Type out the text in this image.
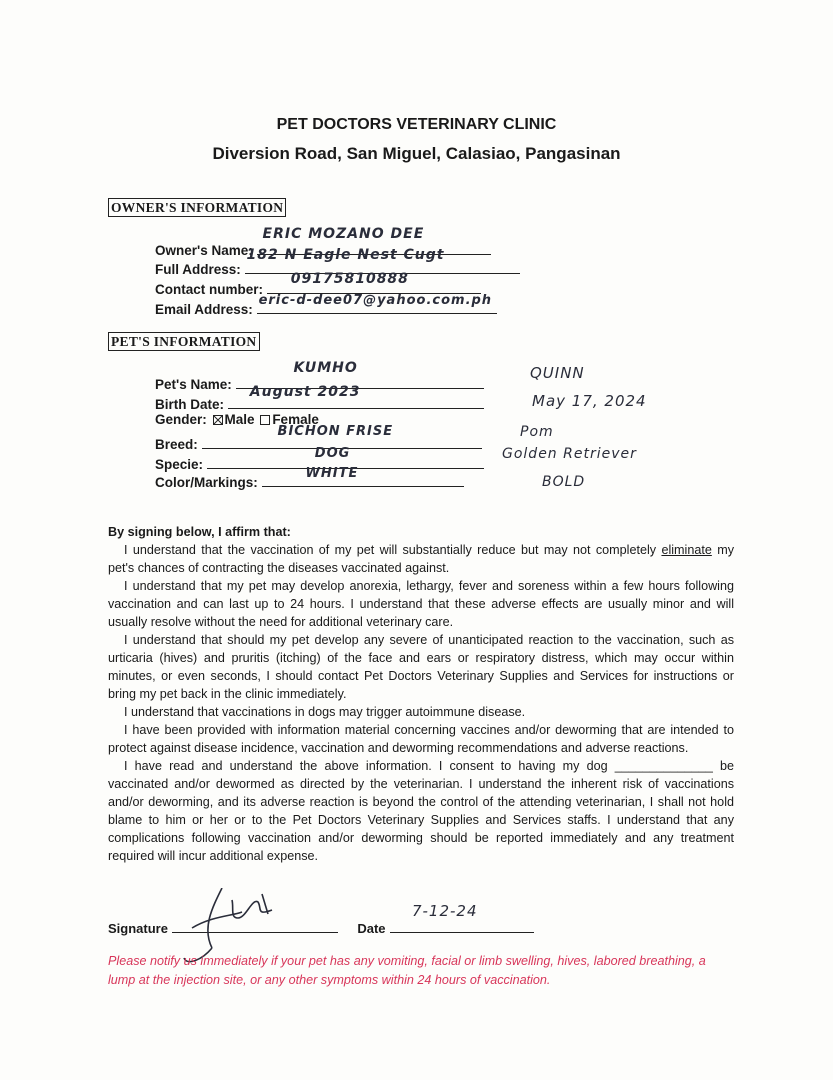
PET DOCTORS VETERINARY CLINIC
Diversion Road, San Miguel, Calasiao, Pangasinan
OWNER'S INFORMATION
Owner's Name:
ERIC MOZANO DEE
Full Address:
182 N Eagle Nest Cugt
Contact number:
09175810888
Email Address:
eric-d-dee07@yahoo.com.ph
PET'S INFORMATION
Pet's Name:
KUMHO
Birth Date:
August 2023
Gender: Male Female
Breed:
BICHON FRISE
Specie:
DOG
Color/Markings:
WHITE
QUINN
May 17, 2024
Pom
Golden Retriever
BOLD

By signing below, I affirm that:

I understand that the vaccination of my pet will substantially reduce but may not completely eliminate my pet's chances of contracting the diseases vaccinated against.

I understand that my pet may develop anorexia, lethargy, fever and soreness within a few hours following vaccination and can last up to 24 hours. I understand that these adverse effects are usually minor and will usually resolve without the need for additional veterinary care.

I understand that should my pet develop any severe of unanticipated reaction to the vaccination, such as urticaria (hives) and pruritis (itching) of the face and ears or respiratory distress, which may occur within minutes, or even seconds, I should contact Pet Doctors Veterinary Supplies and Services for instructions or bring my pet back in the clinic immediately.

I understand that vaccinations in dogs may trigger autoimmune disease.

I have been provided with information material concerning vaccines and/or deworming that are intended to protect against disease incidence, vaccination and deworming recommendations and adverse reactions.

I have read and understand the above information. I consent to having my dog ______________ be vaccinated and/or dewormed as directed by the veterinarian. I understand the inherent risk of vaccinations and/or deworming, and its adverse reaction is beyond the control of the attending veterinarian, I shall not hold blame to him or her or to the Pet Doctors Veterinary Supplies and Services staffs. I understand that any complications following vaccination and/or deworming should be reported immediately and any treatment required will incur additional expense.

Signature	Date
7-12-24
Please notify us immediately if your pet has any vomiting, facial or limb swelling, hives, labored breathing, a lump at the injection site, or any other symptoms within 24 hours of vaccination.
